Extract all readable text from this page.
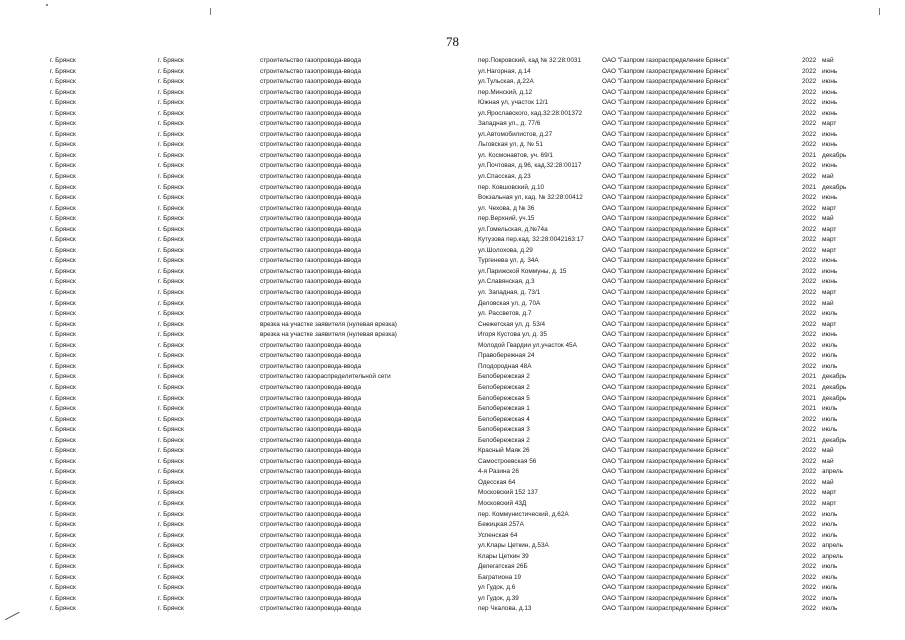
78
г. Брянск	г. Брянск	строительство газопровода-ввода	пер.Покровский, кад № 32:28:0031	ОАО "Газпром газораспределение Брянск"	2022 май
г. Брянск	г. Брянск	строительство газопровода-ввода	ул.Нагорная, д.14	ОАО "Газпром газораспределение Брянск"	2022 июнь
г. Брянск	г. Брянск	строительство газопровода-ввода	ул.Тульская, д.22А	ОАО "Газпром газораспределение Брянск"	2022 июнь
г. Брянск	г. Брянск	строительство газопровода-ввода	пер.Минский, д.12	ОАО "Газпром газораспределение Брянск"	2022 июнь
г. Брянск	г. Брянск	строительство газопровода-ввода	Южная ул, участок 12/1	ОАО "Газпром газораспределение Брянск"	2022 июнь
г. Брянск	г. Брянск	строительство газопровода-ввода	ул.Ярославского, кад.32:28:001372	ОАО "Газпром газораспределение Брянск"	2022 июнь
г. Брянск	г. Брянск	строительство газопровода-ввода	Западная ул., д. 77/6	ОАО "Газпром газораспределение Брянск"	2022 март
г. Брянск	г. Брянск	строительство газопровода-ввода	ул.Автомобилистов, д.27	ОАО "Газпром газораспределение Брянск"	2022 июнь
г. Брянск	г. Брянск	строительство газопровода-ввода	Льговская ул, д. № 51	ОАО "Газпром газораспределение Брянск"	2022 июнь
г. Брянск	г. Брянск	строительство газопровода-ввода	ул. Космонавтов, уч. 69/1	ОАО "Газпром газораспределение Брянск"	2021 декабрь
г. Брянск	г. Брянск	строительство газопровода-ввода	ул.Почтовая, д.96, кад.32:28:00117	ОАО "Газпром газораспределение Брянск"	2022 июнь
г. Брянск	г. Брянск	строительство газопровода-ввода	ул.Спасская, д.23	ОАО "Газпром газораспределение Брянск"	2022 май
г. Брянск	г. Брянск	строительство газопровода-ввода	пер. Ковшовский, д.10	ОАО "Газпром газораспределение Брянск"	2021 декабрь
г. Брянск	г. Брянск	строительство газопровода-ввода	Вокзальная ул, кад. № 32:28:00412	ОАО "Газпром газораспределение Брянск"	2022 июнь
г. Брянск	г. Брянск	строительство газопровода-ввода	ул. Чехова, д № 36	ОАО "Газпром газораспределение Брянск"	2022 март
г. Брянск	г. Брянск	строительство газопровода-ввода	пер.Верхний, уч.15	ОАО "Газпром газораспределение Брянск"	2022 май
г. Брянск	г. Брянск	строительство газопровода-ввода	ул.Гомельская, д.№74а	ОАО "Газпром газораспределение Брянск"	2022 март
г. Брянск	г. Брянск	строительство газопровода-ввода	Кутузова пер.кад. 32:28:0042163:17	ОАО "Газпром газораспределение Брянск"	2022 март
г. Брянск	г. Брянск	строительство газопровода-ввода	ул.Шолохова, д.29	ОАО "Газпром газораспределение Брянск"	2022 март
г. Брянск	г. Брянск	строительство газопровода-ввода	Тургенева ул, д. 34А	ОАО "Газпром газораспределение Брянск"	2022 июнь
г. Брянск	г. Брянск	строительство газопровода-ввода	ул.Парижской Коммуны, д. 15	ОАО "Газпром газораспределение Брянск"	2022 июнь
г. Брянск	г. Брянск	строительство газопровода-ввода	ул.Славянская, д.3	ОАО "Газпром газораспределение Брянск"	2022 июнь
г. Брянск	г. Брянск	строительство газопровода-ввода	ул. Западная, д. 73/1	ОАО "Газпром газораспределение Брянск"	2022 март
г. Брянск	г. Брянск	строительство газопровода-ввода	Деловская ул, д. 70А	ОАО "Газпром газораспределение Брянск"	2022 май
г. Брянск	г. Брянск	строительство газопровода-ввода	ул. Рассветов, д.7	ОАО "Газпром газораспределение Брянск"	2022 июль
г. Брянск	г. Брянск	врезка на участке заявителя (нулевая врезка)	Снежетская ул, д. 53/4	ОАО "Газпром газораспределение Брянск"	2022 март
г. Брянск	г. Брянск	врезка на участке заявителя (нулевая врезка)	Игоря Кустова ул, д. 35	ОАО "Газпром газораспределение Брянск"	2022 июнь
г. Брянск	г. Брянск	строительство газопровода-ввода	Молодой Гвардии ул,участок 45А	ОАО "Газпром газораспределение Брянск"	2022 июль
г. Брянск	г. Брянск	строительство газопровода-ввода	Правобережная 24	ОАО "Газпром газораспределение Брянск"	2022 июль
г. Брянск	г. Брянск	строительство газопровода-ввода	Плодородная 48А	ОАО "Газпром газораспределение Брянск"	2022 июль
г. Брянск	г. Брянск	строительство газораспределительной сети	Белобережская 2	ОАО "Газпром газораспределение Брянск"	2021 декабрь
г. Брянск	г. Брянск	строительство газопровода-ввода	Белобережская 2	ОАО "Газпром газораспределение Брянск"	2021 декабрь
г. Брянск	г. Брянск	строительство газопровода-ввода	Белобережская 5	ОАО "Газпром газораспределение Брянск"	2021 декабрь
г. Брянск	г. Брянск	строительство газопровода-ввода	Белобережская 1	ОАО "Газпром газораспределение Брянск"	2021 июль
г. Брянск	г. Брянск	строительство газопровода-ввода	Белобережская 4	ОАО "Газпром газораспределение Брянск"	2022 июль
г. Брянск	г. Брянск	строительство газопровода-ввода	Белобережская 3	ОАО "Газпром газораспределение Брянск"	2022 июль
г. Брянск	г. Брянск	строительство газопровода-ввода	Белобережская 2	ОАО "Газпром газораспределение Брянск"	2021 декабрь
г. Брянск	г. Брянск	строительство газопровода-ввода	Красный Маяк 26	ОАО "Газпром газораспределение Брянск"	2022 май
г. Брянск	г. Брянск	строительство газопровода-ввода	Самостроевская 56	ОАО "Газпром газораспределение Брянск"	2022 май
г. Брянск	г. Брянск	строительство газопровода-ввода	4-я Разина 26	ОАО "Газпром газораспределение Брянск"	2022 апрель
г. Брянск	г. Брянск	строительство газопровода-ввода	Одесская 64	ОАО "Газпром газораспределение Брянск"	2022 май
г. Брянск	г. Брянск	строительство газопровода-ввода	Московский 152 137	ОАО "Газпром газораспределение Брянск"	2022 март
г. Брянск	г. Брянск	строительство газопровода-ввода	Московский 43Д	ОАО "Газпром газораспределение Брянск"	2022 март
г. Брянск	г. Брянск	строительство газопровода-ввода	пер. Коммунистический, д.62А	ОАО "Газпром газораспределение Брянск"	2022 июль
г. Брянск	г. Брянск	строительство газопровода-ввода	Бежицкая 257А	ОАО "Газпром газораспределение Брянск"	2022 июль
г. Брянск	г. Брянск	строительство газопровода-ввода	Успенская 64	ОАО "Газпром газораспределение Брянск"	2022 июль
г. Брянск	г. Брянск	строительство газопровода-ввода	ул.Клары Цеткин, д.53А	ОАО "Газпром газораспределение Брянск"	2022 апрель
г. Брянск	г. Брянск	строительство газопровода-ввода	Клары Цеткин 39	ОАО "Газпром газораспределение Брянск"	2022 апрель
г. Брянск	г. Брянск	строительство газопровода-ввода	Делегатская 26Б	ОАО "Газпром газораспределение Брянск"	2022 июль
г. Брянск	г. Брянск	строительство газопровода-ввода	Багратиона 19	ОАО "Газпром газораспределение Брянск"	2022 июль
г. Брянск	г. Брянск	строительство газопровода-ввода	ул Гудок, д.6	ОАО "Газпром газораспределение Брянск"	2022 июль
г. Брянск	г. Брянск	строительство газопровода-ввода	ул Гудок, д.39	ОАО "Газпром газораспределение Брянск"	2022 июль
г. Брянск	г. Брянск	строительство газопровода-ввода	пер Чкалова, д.13	ОАО "Газпром газораспределение Брянск"	2022 июль
